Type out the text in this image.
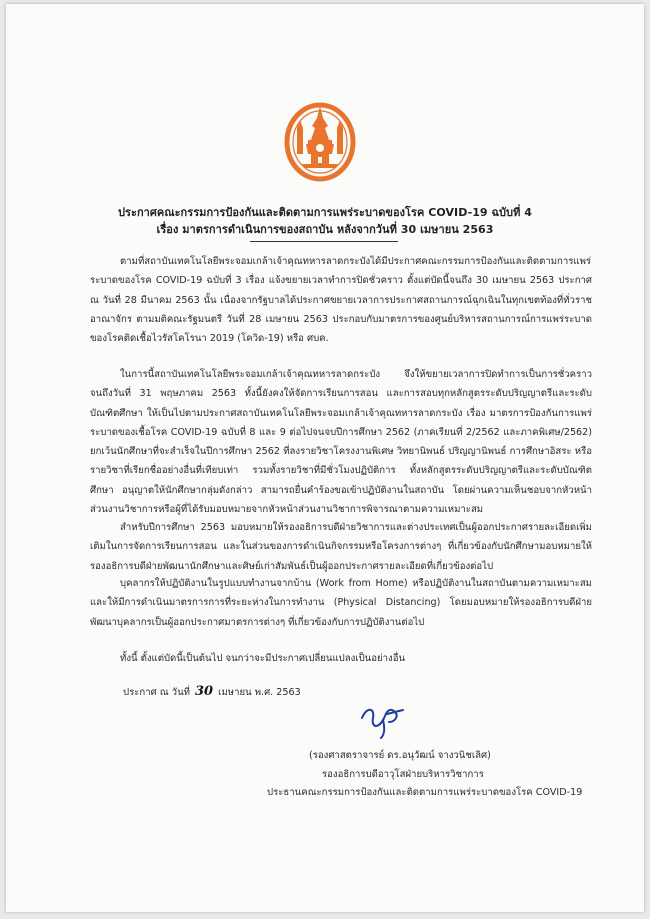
ประกาศคณะกรรมการป้องกันและติดตามการแพร่ระบาดของโรค COVID-19 ฉบับที่ 4
เรื่อง มาตรการดำเนินการของสถาบัน หลังจากวันที่ 30 เมษายน 2563

ตามที่สถาบันเทคโนโลยีพระจอมเกล้าเจ้าคุณทหารลาดกระบังได้มีประกาศคณะกรรมการป้องกันและติดตามการแพร่ระบาดของโรค COVID-19 ฉบับที่ 3 เรื่อง แจ้งขยายเวลาทำการปิดชั่วคราว ตั้งแต่บัดนี้จนถึง 30 เมษายน 2563 ประกาศ ณ วันที่ 28 มีนาคม 2563 นั้น เนื่องจากรัฐบาลได้ประกาศขยายเวลาการประกาศสถานการณ์ฉุกเฉินในทุกเขตท้องที่ทั่วราชอาณาจักร ตามมติคณะรัฐมนตรี วันที่ 28 เมษายน 2563 ประกอบกับมาตรการของศูนย์บริหารสถานการณ์การแพร่ระบาดของโรคติดเชื้อไวรัสโคโรนา 2019 (โควิด-19) หรือ ศบค.

ในการนี้สถาบันเทคโนโลยีพระจอมเกล้าเจ้าคุณทหารลาดกระบัง จึงให้ขยายเวลาการปิดทำการเป็นการชั่วคราวจนถึงวันที่ 31 พฤษภาคม 2563 ทั้งนี้ยังคงให้จัดการเรียนการสอน และการสอบทุกหลักสูตรระดับปริญญาตรีและระดับบัณฑิตศึกษา ให้เป็นไปตามประกาศสถาบันเทคโนโลยีพระจอมเกล้าเจ้าคุณทหารลาดกระบัง เรื่อง มาตรการป้องกันการแพร่ระบาดของเชื้อโรค COVID-19 ฉบับที่ 8 และ 9 ต่อไปจนจบปีการศึกษา 2562 (ภาคเรียนที่ 2/2562 และภาคพิเศษ/2562) ยกเว้นนักศึกษาที่จะสำเร็จในปีการศึกษา 2562 ที่ลงรายวิชาโครงงานพิเศษ วิทยานิพนธ์ ปริญญานิพนธ์ การศึกษาอิสระ หรือรายวิชาที่เรียกชื่ออย่างอื่นที่เทียบเท่า รวมทั้งรายวิชาที่มีชั่วโมงปฏิบัติการ ทั้งหลักสูตรระดับปริญญาตรีและระดับบัณฑิตศึกษา อนุญาตให้นักศึกษากลุ่มดังกล่าว สามารถยื่นคำร้องขอเข้าปฏิบัติงานในสถาบัน โดยผ่านความเห็นชอบจากหัวหน้าส่วนงานวิชาการหรือผู้ที่ได้รับมอบหมายจากหัวหน้าส่วนงานวิชาการพิจารณาตามความเหมาะสม

สำหรับปีการศึกษา 2563 มอบหมายให้รองอธิการบดีฝ่ายวิชาการและต่างประเทศเป็นผู้ออกประกาศรายละเอียดเพิ่มเติมในการจัดการเรียนการสอน และในส่วนของการดำเนินกิจกรรมหรือโครงการต่างๆ ที่เกี่ยวข้องกับนักศึกษามอบหมายให้รองอธิการบดีฝ่ายพัฒนานักศึกษาและศิษย์เก่าสัมพันธ์เป็นผู้ออกประกาศรายละเอียดที่เกี่ยวข้องต่อไป

บุคลากรให้ปฏิบัติงานในรูปแบบทำงานจากบ้าน (Work from Home) หรือปฏิบัติงานในสถาบันตามความเหมาะสมและให้มีการดำเนินมาตรการการที่ระยะห่างในการทำงาน (Physical Distancing) โดยมอบหมายให้รองอธิการบดีฝ่ายพัฒนาบุคลากรเป็นผู้ออกประกาศมาตรการต่างๆ ที่เกี่ยวข้องกับการปฏิบัติงานต่อไป

ทั้งนี้ ตั้งแต่บัดนี้เป็นต้นไป จนกว่าจะมีประกาศเปลี่ยนแปลงเป็นอย่างอื่น

ประกาศ ณ วันที่ 30 เมษายน พ.ศ. 2563
(รองศาสตราจารย์ ดร.อนุวัฒน์ จางวนิชเลิศ)
รองอธิการบดีอาวุโสฝ่ายบริหารวิชาการ
ประธานคณะกรรมการป้องกันและติดตามการแพร่ระบาดของโรค COVID-19
